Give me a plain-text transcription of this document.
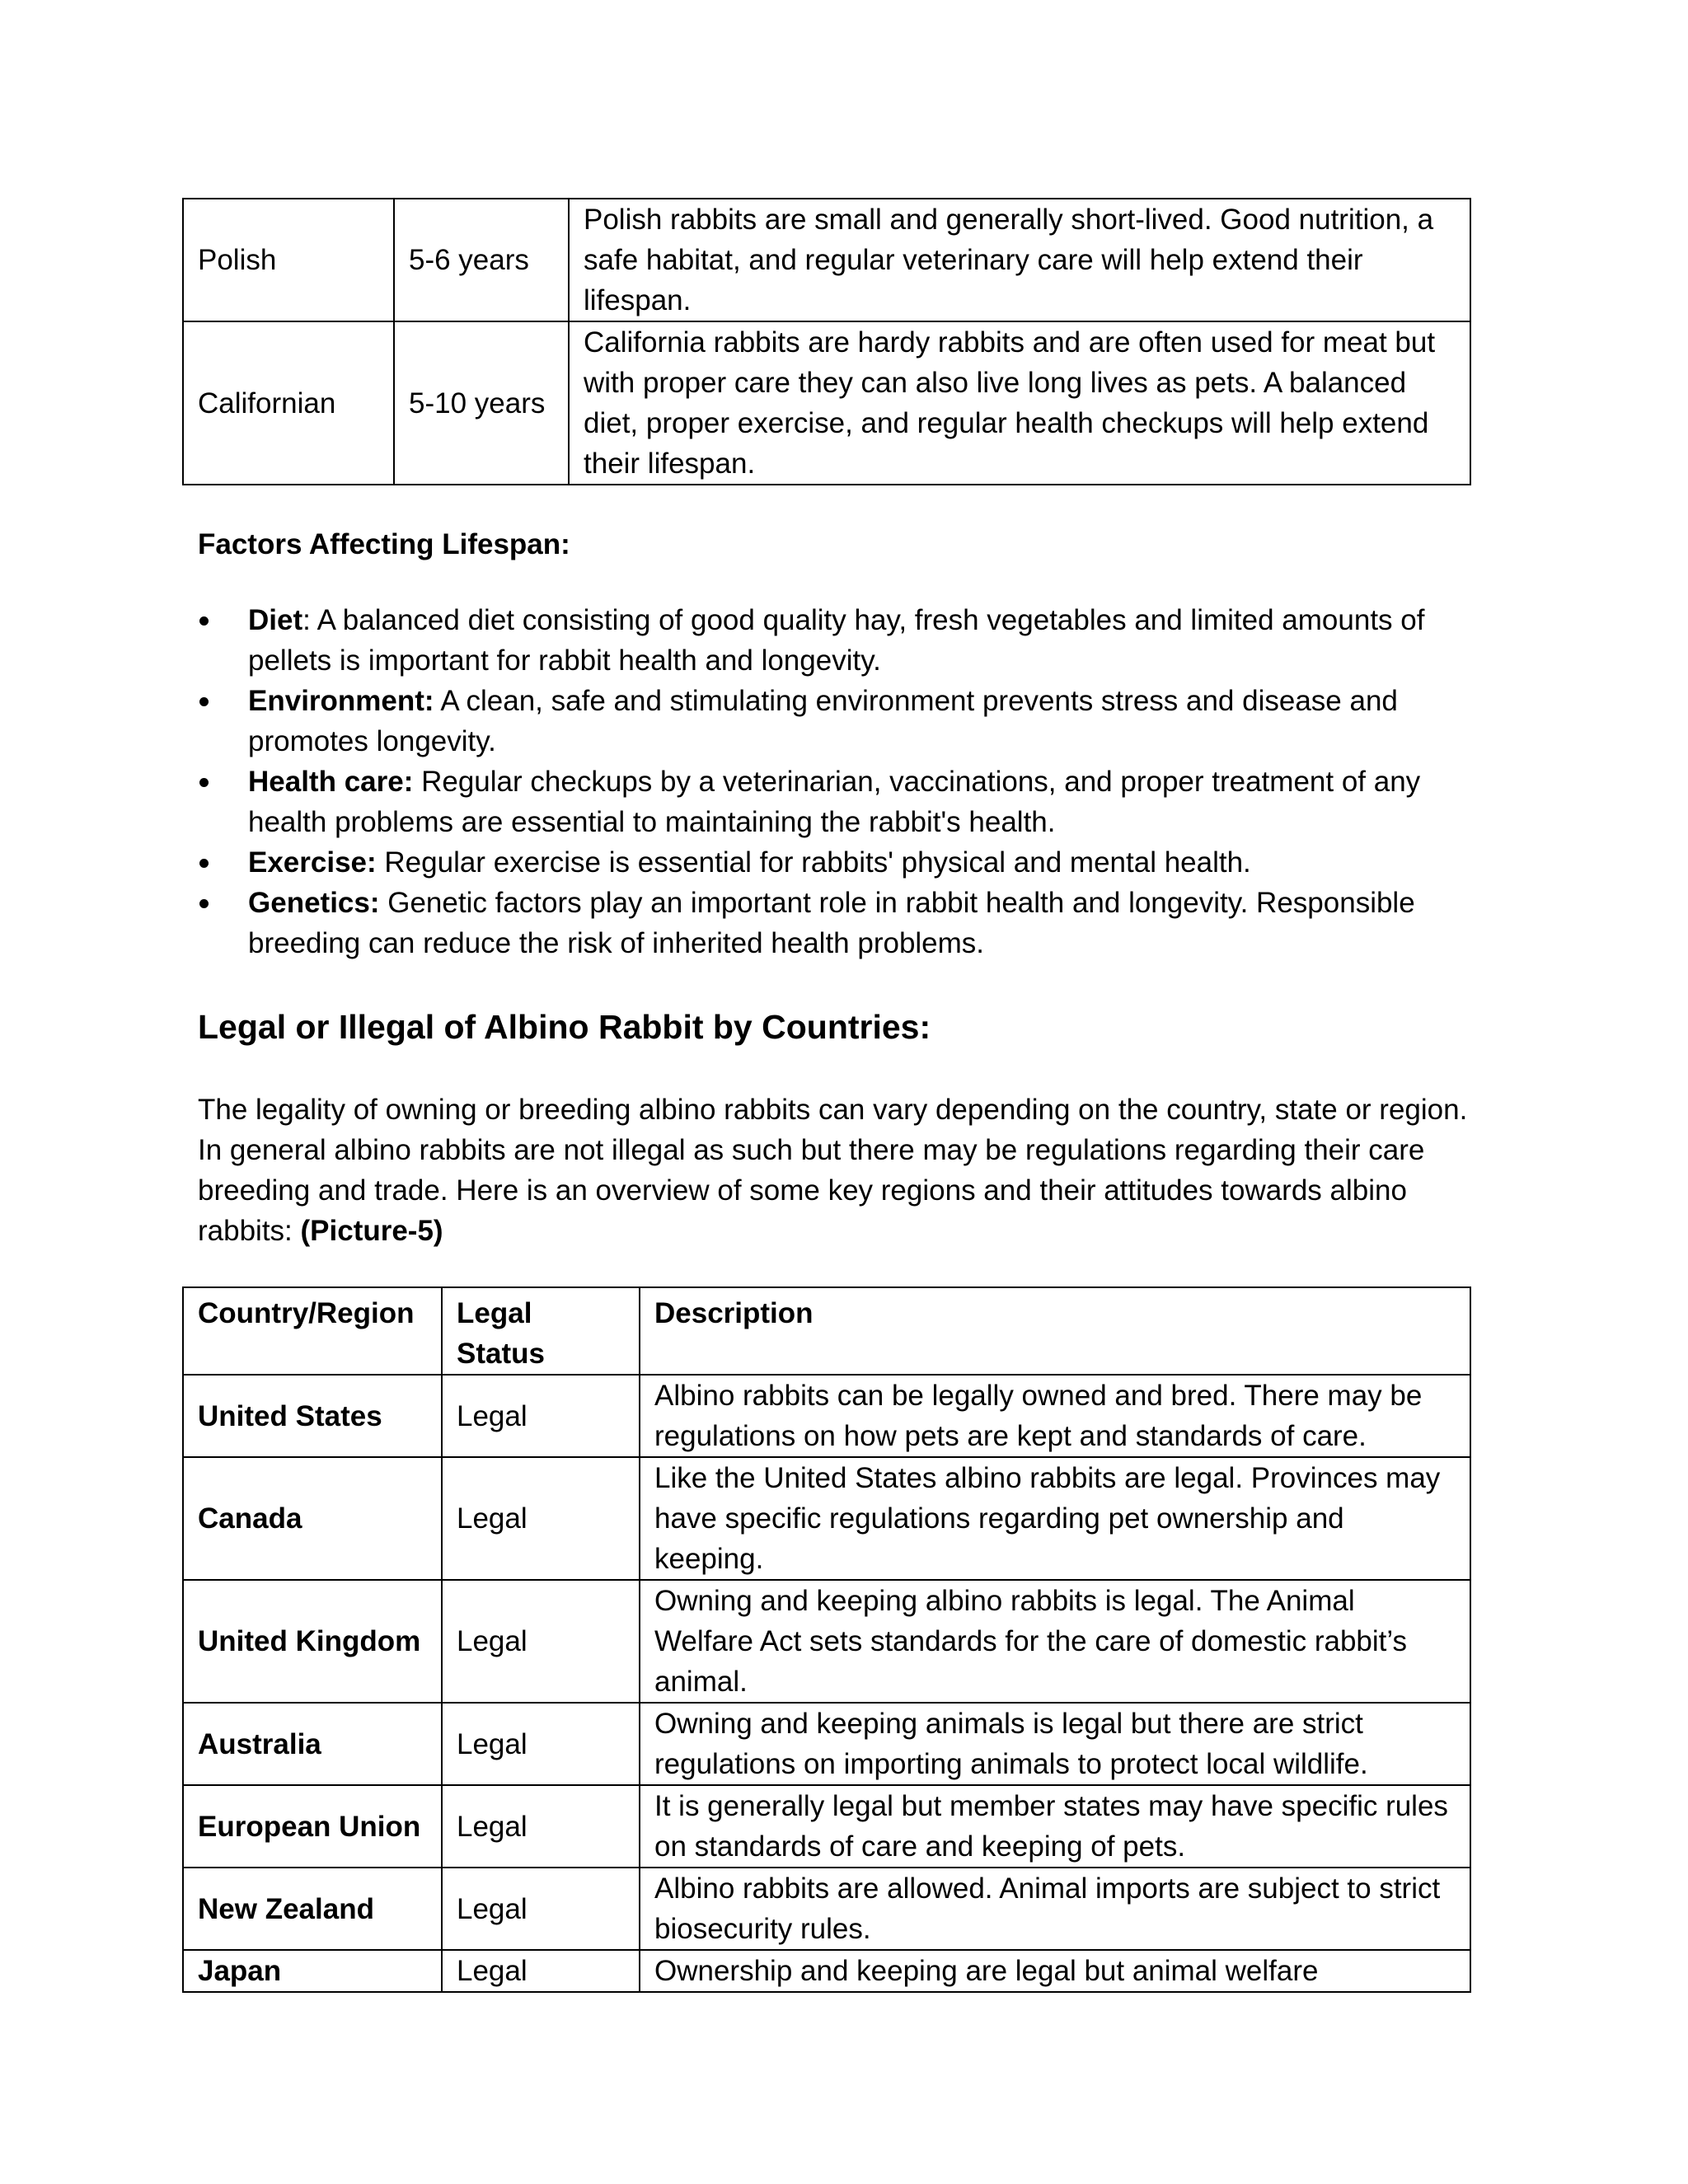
Polish	5-6 years	Polish rabbits are small and generally short-lived. Good nutrition, a safe habitat, and regular veterinary care will help extend their lifespan.
Californian	5-10 years	California rabbits are hardy rabbits and are often used for meat but with proper care they can also live long lives as pets. A balanced diet, proper exercise, and regular health checkups will help extend their lifespan.
Factors Affecting Lifespan:
Diet: A balanced diet consisting of good quality hay, fresh vegetables and limited amounts of pellets is important for rabbit health and longevity.
Environment: A clean, safe and stimulating environment prevents stress and disease and promotes longevity.
Health care: Regular checkups by a veterinarian, vaccinations, and proper treatment of any health problems are essential to maintaining the rabbit's health.
Exercise: Regular exercise is essential for rabbits' physical and mental health.
Genetics: Genetic factors play an important role in rabbit health and longevity. Responsible breeding can reduce the risk of inherited health problems.
Legal or Illegal of Albino Rabbit by Countries:

The legality of owning or breeding albino rabbits can vary depending on the country, state or region. In general albino rabbits are not illegal as such but there may be regulations regarding their care breeding and trade. Here is an overview of some key regions and their attitudes towards albino rabbits: (Picture-5)

Country/Region	Legal Status	Description
United States	Legal	Albino rabbits can be legally owned and bred. There may be regulations on how pets are kept and standards of care.
Canada	Legal	Like the United States albino rabbits are legal. Provinces may have specific regulations regarding pet ownership and keeping.
United Kingdom	Legal	Owning and keeping albino rabbits is legal. The Animal Welfare Act sets standards for the care of domestic rabbit’s animal.
Australia	Legal	Owning and keeping animals is legal but there are strict regulations on importing animals to protect local wildlife.
European Union	Legal	It is generally legal but member states may have specific rules on standards of care and keeping of pets.
New Zealand	Legal	Albino rabbits are allowed. Animal imports are subject to strict biosecurity rules.
Japan	Legal	Ownership and keeping are legal but animal welfare
